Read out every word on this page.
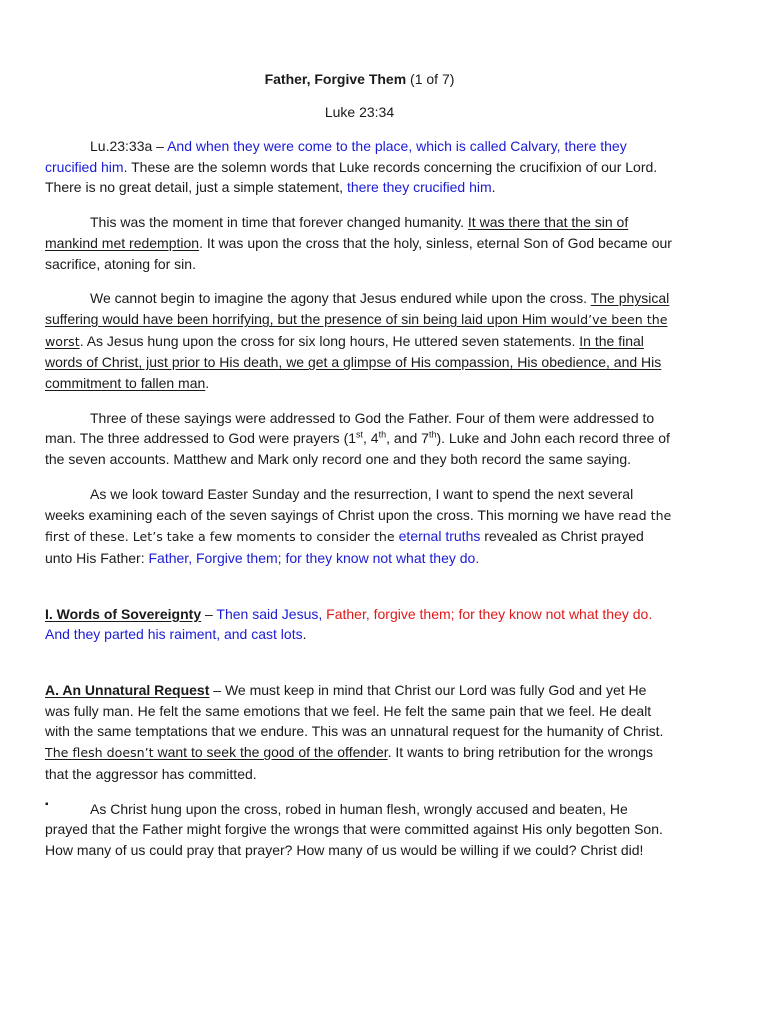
Father, Forgive Them (1 of 7)
Luke 23:34

Lu.23:33a – And when they were come to the place, which is called Calvary, there they crucified him. These are the solemn words that Luke records concerning the crucifixion of our Lord. There is no great detail, just a simple statement, there they crucified him.

This was the moment in time that forever changed humanity. It was there that the sin of mankind met redemption. It was upon the cross that the holy, sinless, eternal Son of God became our sacrifice, atoning for sin.

We cannot begin to imagine the agony that Jesus endured while upon the cross. The physical suffering would have been horrifying, but the presence of sin being laid upon Him would’ve been the worst. As Jesus hung upon the cross for six long hours, He uttered seven statements. In the final words of Christ, just prior to His death, we get a glimpse of His compassion, His obedience, and His commitment to fallen man.

Three of these sayings were addressed to God the Father. Four of them were addressed to man. The three addressed to God were prayers (1st, 4th, and 7th). Luke and John each record three of the seven accounts. Matthew and Mark only record one and they both record the same saying.

As we look toward Easter Sunday and the resurrection, I want to spend the next several weeks examining each of the seven sayings of Christ upon the cross. This morning we have read the first of these. Let’s take a few moments to consider the eternal truths revealed as Christ prayed unto His Father: Father, Forgive them; for they know not what they do.

I. Words of Sovereignty – Then said Jesus, Father, forgive them; for they know not what they do. And they parted his raiment, and cast lots.

A. An Unnatural Request – We must keep in mind that Christ our Lord was fully God and yet He was fully man. He felt the same emotions that we feel. He felt the same pain that we feel. He dealt with the same temptations that we endure. This was an unnatural request for the humanity of Christ. The flesh doesn’t want to seek the good of the offender. It wants to bring retribution for the wrongs that the aggressor has committed.

▪	As Christ hung upon the cross, robed in human flesh, wrongly accused and beaten, He prayed that the Father might forgive the wrongs that were committed against His only begotten Son. How many of us could pray that prayer? How many of us would be willing if we could? Christ did!
